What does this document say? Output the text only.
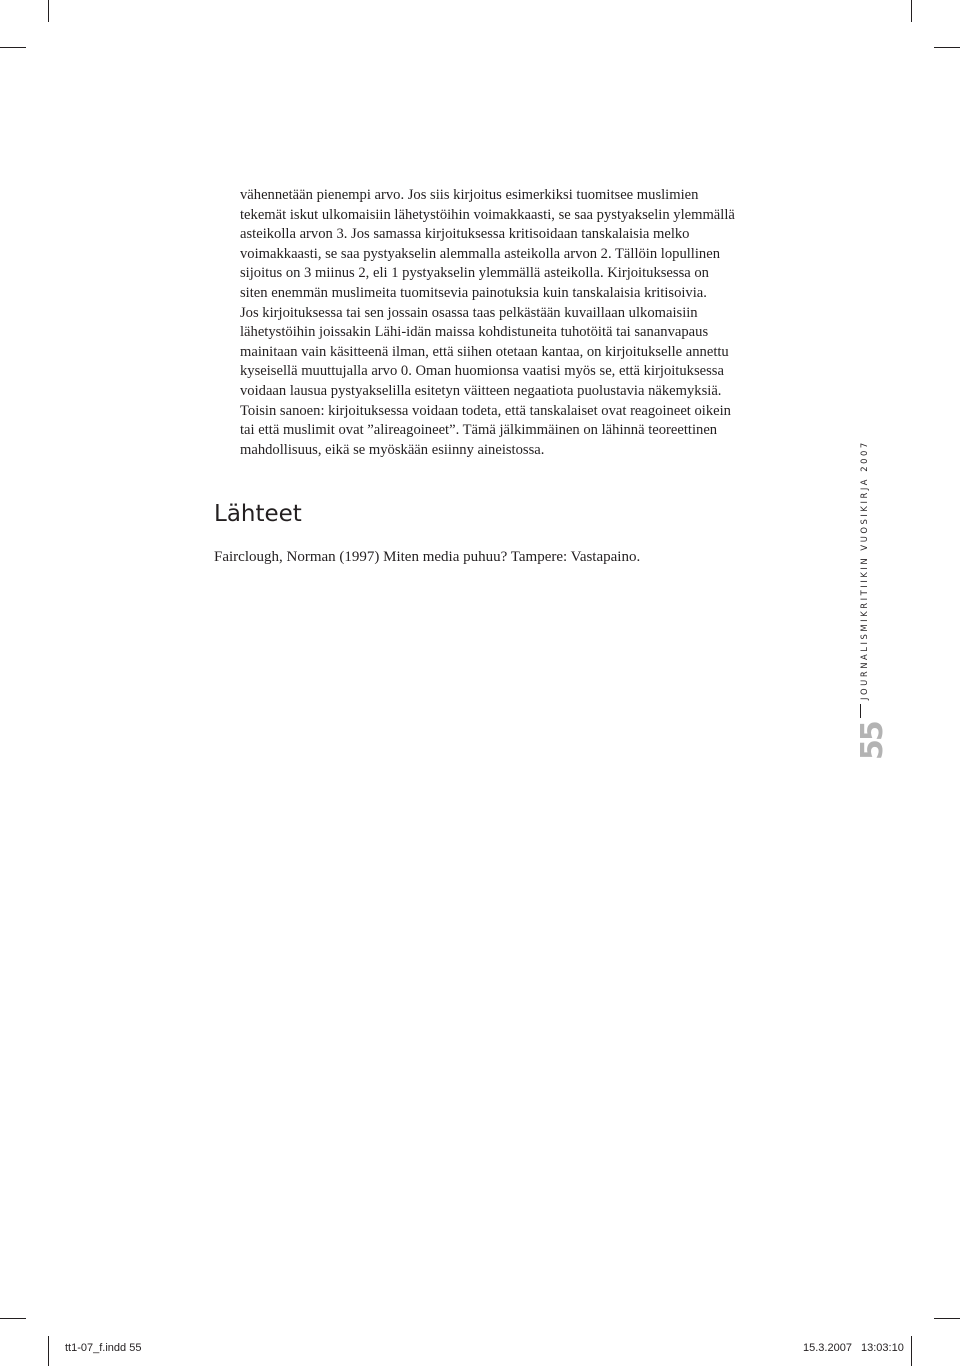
vähennetään pienempi arvo. Jos siis kirjoitus esimerkiksi tuomitsee muslimien
tekemät iskut ulkomaisiin lähetystöihin voimakkaasti, se saa pystyakselin ylemmällä
asteikolla arvon 3. Jos samassa kirjoituksessa kritisoidaan tanskalaisia melko
voimakkaasti, se saa pystyakselin alemmalla asteikolla arvon 2. Tällöin lopullinen
sijoitus on 3 miinus 2, eli 1 pystyakselin ylemmällä asteikolla. Kirjoituksessa on
siten enemmän muslimeita tuomitsevia painotuksia kuin tanskalaisia kritisoivia.
Jos kirjoituksessa tai sen jossain osassa taas pelkästään kuvaillaan ulkomaisiin
lähetystöihin joissakin Lähi-idän maissa kohdistuneita tuhotöitä tai sananvapaus
mainitaan vain käsitteenä ilman, että siihen otetaan kantaa, on kirjoitukselle annettu
kyseisellä muuttujalla arvo 0. Oman huomionsa vaatisi myös se, että kirjoituksessa
voidaan lausua pystyakselilla esitetyn väitteen negaatiota puolustavia näkemyksiä.
Toisin sanoen: kirjoituksessa voidaan todeta, että tanskalaiset ovat reagoineet oikein
tai että muslimit ovat ”alireagoineet”. Tämä jälkimmäinen on lähinnä teoreettinen
mahdollisuus, eikä se myöskään esiinny aineistossa.
Lähteet
Fairclough, Norman (1997) Miten media puhuu? Tampere: Vastapaino.
55
JOURNALISMIKRITIIKIN VUOSIKIRJA 2007
tt1-07_f.indd 55	15.3.2007 13:03:10
